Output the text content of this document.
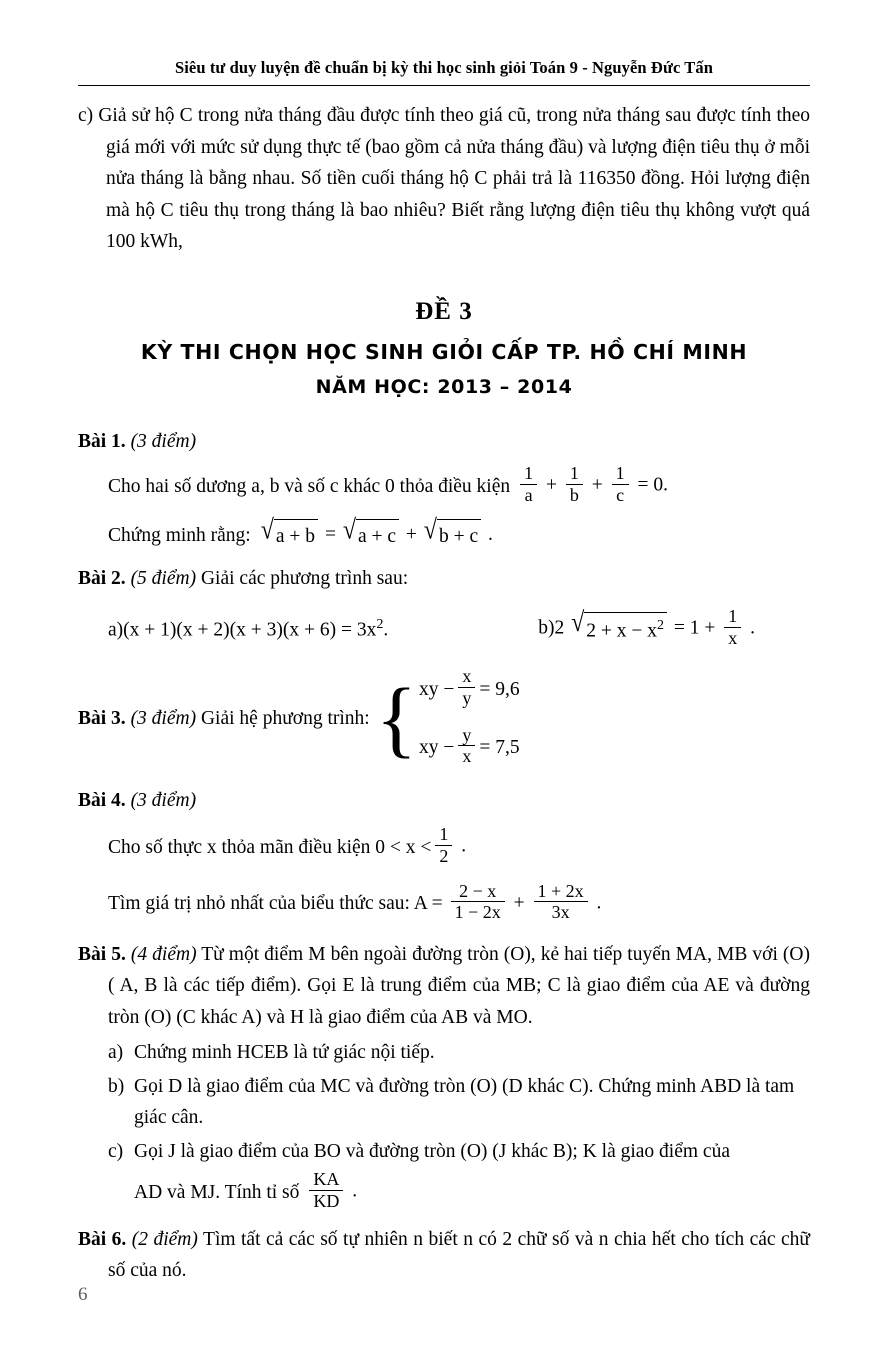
Siêu tư duy luyện đề chuẩn bị kỳ thi học sinh giỏi Toán 9 - Nguyễn Đức Tấn
c) Giả sử hộ C trong nửa tháng đầu được tính theo giá cũ, trong nửa tháng sau được tính theo giá mới với mức sử dụng thực tế (bao gồm cả nửa tháng đầu) và lượng điện tiêu thụ ở mỗi nửa tháng là bằng nhau. Số tiền cuối tháng hộ C phải trả là 116350 đồng. Hỏi lượng điện mà hộ C tiêu thụ trong tháng là bao nhiêu? Biết rằng lượng điện tiêu thụ không vượt quá 100 kWh,
ĐỀ 3
KỲ THI CHỌN HỌC SINH GIỎI CẤP TP. HỒ CHÍ MINH
NĂM HỌC: 2013 – 2014
Bài 1. (3 điểm)
Cho hai số dương a, b và số c khác 0 thỏa điều kiện $\frac{1}{a} + \frac{1}{b} + \frac{1}{c} = 0$.
Chứng minh rằng: √ a + b = √ a + c + √ b + c .
Bài 2. (5 điểm) Giải các phương trình sau:
$a)(x + 1)(x + 2)(x + 3)(x + 6) = 3x^2$.	b)2 √ $2 + x - x^2 = 1 + \frac{1}{x}$ .
Bài 3. (3 điểm) Giải hệ phương trình: { xy − $\frac{x}{y} = 9,6$
xy − $\frac{y}{x} = 7,5$
Bài 4. (3 điểm)
Cho số thực x thỏa mãn điều kiện $0 < x < \frac{1}{2}$ .
Tìm giá trị nhỏ nhất của biểu thức sau: $A = \frac{2 - x}{1 - 2x} + \frac{1 + 2x}{3x}$ .
Bài 5. (4 điểm) Từ một điểm M bên ngoài đường tròn (O), kẻ hai tiếp tuyến MA, MB với (O) ( A, B là các tiếp điểm). Gọi E là trung điểm của MB; C là giao điểm của AE và đường tròn (O) (C khác A) và H là giao điểm của AB và MO.
a) Chứng minh HCEB là tứ giác nội tiếp.
b) Gọi D là giao điểm của MC và đường tròn (O) (D khác C). Chứng minh ABD là tam giác cân.
c) Gọi J là giao điểm của BO và đường tròn (O) (J khác B); K là giao điểm của
AD và MJ. Tính tỉ số $\frac{KA}{KD}$ .
Bài 6. (2 điểm) Tìm tất cả các số tự nhiên n biết n có 2 chữ số và n chia hết cho tích các chữ số của nó.
6
